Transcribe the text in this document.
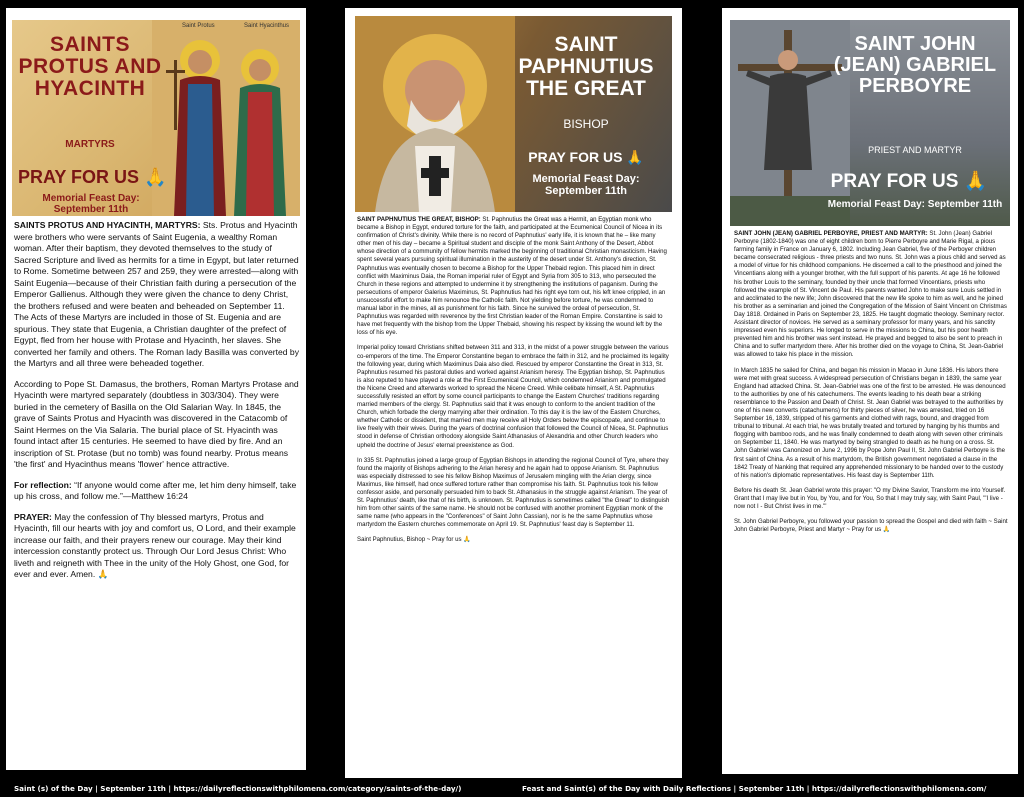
Saint Protus	Saint Hyacinthus
SAINTS PROTUS AND HYACINTH
MARTYRS
PRAY FOR US 🙏
Memorial Feast Day: September 11th

SAINTS PROTUS AND HYACINTH, MARTYRS: Sts. Protus and Hyacinth were brothers who were servants of Saint Eugenia, a wealthy Roman woman. After their baptism, they devoted themselves to the study of Sacred Scripture and lived as hermits for a time in Egypt, but later returned to Rome. Sometime between 257 and 259, they were arrested—along with Saint Eugenia—because of their Christian faith during a persecution of the Emperor Gallienus. Although they were given the chance to deny Christ, the brothers refused and were beaten and beheaded on September 11. The Acts of these Martyrs are included in those of St. Eugenia and are spurious. They state that Eugenia, a Christian daughter of the prefect of Egypt, fled from her house with Protase and Hyacinth, her slaves. She converted her family and others. The Roman lady Basilla was converted by the Martyrs and all three were beheaded together.

According to Pope St. Damasus, the brothers, Roman Martyrs Protase and Hyacinth were martyred separately (doubtless in 303/304). They were buried in the cemetery of Basilla on the Old Salarian Way. In 1845, the grave of Saints Protus and Hyacinth was discovered in the Catacomb of Saint Hermes on the Via Salaria. The burial place of St. Hyacinth was found intact after 15 centuries. He seemed to have died by fire. And an inscription of St. Protase (but no tomb) was found nearby. Protus means 'the first' and Hyacinthus means 'flower' hence attractive.

For reflection: “If anyone would come after me, let him deny himself, take up his cross, and follow me.”—Matthew 16:24

PRAYER: May the confession of Thy blessed martyrs, Protus and Hyacinth, fill our hearts with joy and comfort us, O Lord, and their example increase our faith, and their prayers renew our courage. May their kind intercession constantly protect us. Through Our Lord Jesus Christ: Who liveth and reigneth with Thee in the unity of the Holy Ghost, one God, for ever and ever. Amen. 🙏

SAINT PAPHNUTIUS THE GREAT
BISHOP
PRAY FOR US 🙏
Memorial Feast Day: September 11th

SAINT PAPHNUTIUS THE GREAT, BISHOP: St. Paphnutius the Great was a Hermit, an Egyptian monk who became a Bishop in Egypt, endured torture for the faith, and participated at the Ecumenical Council of Nicea in its confirmation of Christ's divinity. While there is no record of Paphnutius' early life, it is known that he – like many other men of his day – became a Spiritual student and disciple of the monk Saint Anthony of the Desert, Abbot whose direction of a community of fellow hermits marked the beginning of traditional Christian monasticism. Having spent several years pursuing spiritual illumination in the austerity of the desert under St. Anthony's direction, St. Paphnutius was eventually chosen to become a Bishop for the Upper Thebaid region. This placed him in direct conflict with Maximinus Daia, the Roman imperial ruler of Egypt and Syria from 305 to 313, who persecuted the Church in these regions and attempted to undermine it by strengthening the institutions of paganism. During the persecutions of emperor Galerius Maximinus, St. Paphnutius had his right eye torn out, his left knee crippled, in an unsuccessful effort to make him renounce the Catholic faith. Not yielding before torture, he was condemned to manual labor in the mines, all as punishment for his faith. Since he survived the ordeal of persecution, St. Paphnutius was regarded with reverence by the first Christian leader of the Roman Empire. Constantine is said to have met frequently with the bishop from the Upper Thebaid, showing his respect by kissing the wound left by the loss of his eye.

Imperial policy toward Christians shifted between 311 and 313, in the midst of a power struggle between the various co-emperors of the time. The Emperor Constantine began to embrace the faith in 312, and he proclaimed its legality the following year, during which Maximinus Daia also died. Rescued by emperor Constantine the Great in 313, St. Paphnutius resumed his pastoral duties and worked against Arianism heresy. The Egyptian bishop, St. Paphnutius is also reputed to have played a role at the First Ecumenical Council, which condemned Arianism and promulgated the Nicene Creed and afterwards worked to spread the Nicene Creed. While celibate himself, A St. Paphnutius successfully resisted an effort by some council participants to change the Eastern Churches' traditions regarding married members of the clergy. St. Paphnutius said that it was enough to conform to the ancient tradition of the Church, which forbade the clergy marrying after their ordination. To this day it is the law of the Eastern Churches, whether Catholic or dissident, that married men may receive all Holy Orders below the episcopate, and continue to live freely with their wives. During the years of doctrinal confusion that followed the Council of Nicea, St. Paphnutius stood in defense of Christian orthodoxy alongside Saint Athanasius of Alexandria and other Church leaders who upheld the doctrine of Jesus' eternal preexistence as God.

In 335 St. Paphnutius joined a large group of Egyptian Bishops in attending the regional Council of Tyre, where they found the majority of Bishops adhering to the Arian heresy and he again had to oppose Arianism. St. Paphnutius was especially distressed to see his fellow Bishop Maximus of Jerusalem mingling with the Arian clergy, since Maximus, like himself, had once suffered torture rather than compromise his faith. St. Paphnutius took his fellow confessor aside, and personally persuaded him to back St. Athanasius in the struggle against Arianism. The year of St. Paphnutius' death, like that of his birth, is unknown. St. Paphnutius is sometimes called "the Great" to distinguish him from other saints of the same name. He should not be confused with another prominent Egyptian monk of the same name (who appears in the "Conferences" of Saint John Cassian), nor is he the same Paphnutius whose martyrdom the Eastern churches commemorate on April 19. St. Paphnutius' feast day is September 11.

Saint Paphnutius, Bishop ~ Pray for us 🙏

SAINT JOHN (JEAN) GABRIEL PERBOYRE
PRIEST AND MARTYR
PRAY FOR US 🙏
Memorial Feast Day: September 11th

SAINT JOHN (JEAN) GABRIEL PERBOYRE, PRIEST AND MARTYR: St. John (Jean) Gabriel Perboyre (1802-1840) was one of eight children born to Pierre Perboyre and Marie Rigal, a pious farming family in France on January 6, 1802. Including Jean Gabriel, five of the Perboyer children became consecrated religious - three priests and two nuns. St. John was a pious child and served as a model of virtue for his childhood companions. He discerned a call to the priesthood and joined the Vincentians along with a younger brother, with the full support of his parents. At age 16 he followed his brother Louis to the seminary, founded by their uncle that formed Vincentians, priests who followed the example of St. Vincent de Paul. His parents wanted John to make sure Louis settled in and acclimated to the new life; John discovered that the new life spoke to him as well, and he joined his brother as a seminarian and joined the Congregation of the Mission of Saint Vincent on Christmas Day 1818. Ordained in Paris on September 23, 1825. He taught dogmatic theology. Seminary rector. Assistant director of novices. He served as a seminary professor for many years, and his sanctity impressed even his superiors. He longed to serve in the missions to China, but his poor health prevented him and his brother was sent instead. He prayed and begged to also be sent to preach in China and to suffer martyrdom there. After his brother died on the voyage to China, St. Jean-Gabriel was allowed to take his place in the mission.

In March 1835 he sailed for China, and began his mission in Macao in June 1836. His labors there were met with great success. A widespread persecution of Christians began in 1839, the same year England had attacked China. St. Jean-Gabriel was one of the first to be arrested. He was denounced to the authorities by one of his catechumens. The events leading to his death bear a striking resemblance to the Passion and Death of Christ. St. Jean Gabriel was betrayed to the authorities by one of his new converts (catachumens) for thirty pieces of silver, he was arrested, tried on 16 September 16, 1839, stripped of his garments and clothed with rags, bound, and dragged from tribunal to tribunal. At each trial, he was brutally treated and tortured by hanging by his thumbs and flogging with bamboo rods, and he was finally condemned to death along with seven other criminals on September 11, 1840. He was martyred by being strangled to death as he hung on a cross. St. John Gabriel was Canonized on June 2, 1996 by Pope John Paul II, St. John Gabriel Perboyre is the first saint of China. As a result of his martyrdom, the British government negotiated a clause in the 1842 Treaty of Nanking that required any apprehended missionary to be handed over to the custody of his nation's diplomatic representatives. His feast day is September 11th.

Before his death St. Jean Gabriel wrote this prayer: "O my Divine Savior, Transform me into Yourself. Grant that I may live but in You, by You, and for You, So that I may truly say, with Saint Paul, "'I live - now not I - But Christ lives in me.'"

St. John Gabriel Perboyre, you followed your passion to spread the Gospel and died with faith ~ Saint John Gabriel Perboyre, Priest and Martyr ~ Pray for us 🙏

Saint (s) of the Day | September 11th | https://dailyreflectionswithphilomena.com/category/saints-of-the-day/)	Feast and Saint(s) of the Day with Daily Reflections | September 11th | https://dailyreflectionswithphilomena.com/
